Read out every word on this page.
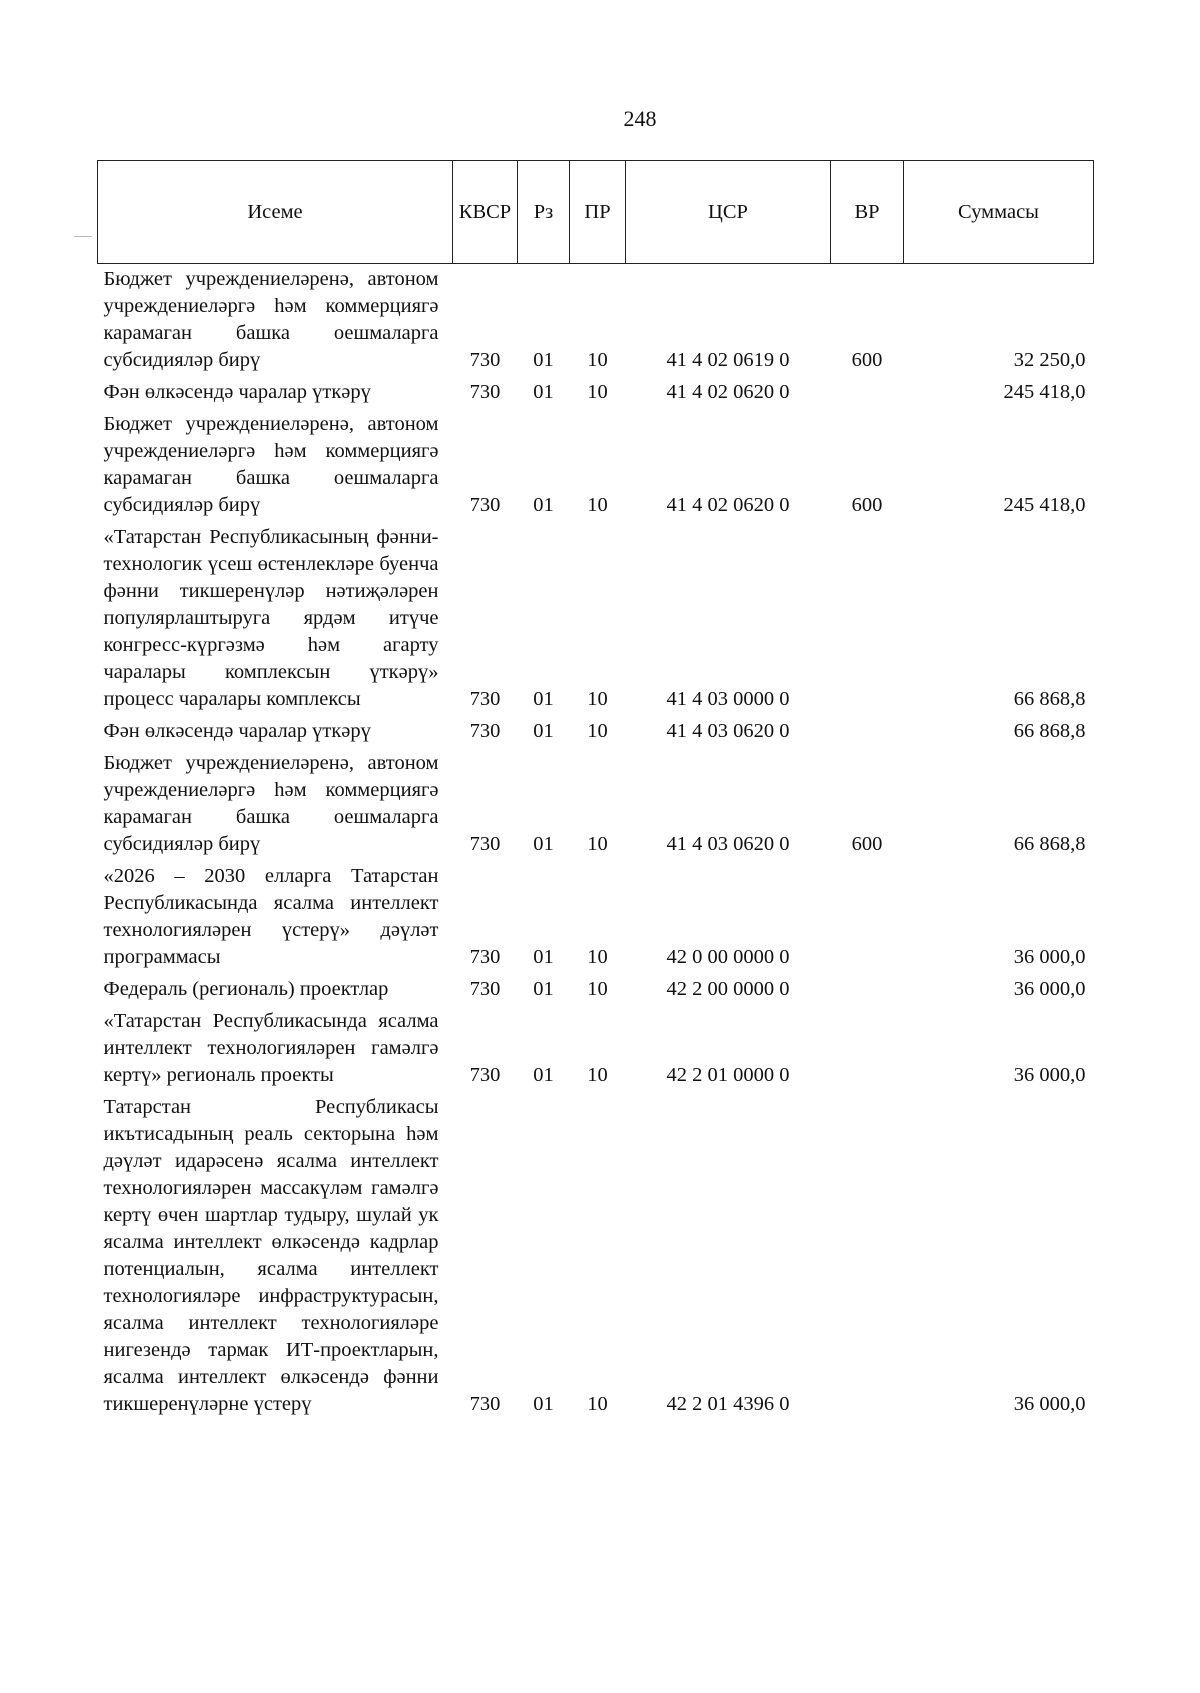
248
Исеме	КВСР	Рз	ПР	ЦСР	ВР	Суммасы
Бюджет учреждениеләренә, автоном учреждениеләргә һәм коммерциягә карамаган башка оешмаларга субсидияләр бирү	730	01	10	41 4 02 0619 0	600	32 250,0
Фән өлкәсендә чаралар үткәрү	730	01	10	41 4 02 0620 0		245 418,0
Бюджет учреждениеләренә, автоном учреждениеләргә һәм коммерциягә карамаган башка оешмаларга субсидияләр бирү	730	01	10	41 4 02 0620 0	600	245 418,0
«Татарстан Республикасының фәнни-технологик үсеш өстенлекләре буенча фәнни тикшеренүләр нәтиҗәләрен популярлаштыруга ярдәм итүче конгресс-күргәзмә һәм агарту чаралары комплексын үткәрү» процесс чаралары комплексы	730	01	10	41 4 03 0000 0		66 868,8
Фән өлкәсендә чаралар үткәрү	730	01	10	41 4 03 0620 0		66 868,8
Бюджет учреждениеләренә, автоном учреждениеләргә һәм коммерциягә карамаган башка оешмаларга субсидияләр бирү	730	01	10	41 4 03 0620 0	600	66 868,8
«2026 – 2030 елларга Татарстан Республикасында ясалма интеллект технологияләрен үстерү» дәүләт программасы	730	01	10	42 0 00 0000 0		36 000,0
Федераль (региональ) проектлар	730	01	10	42 2 00 0000 0		36 000,0
«Татарстан Республикасында ясалма интеллект технологияләрен гамәлгә кертү» региональ проекты	730	01	10	42 2 01 0000 0		36 000,0
Татарстан Республикасы икътисадының реаль секторына һәм дәүләт идарәсенә ясалма интеллект технологияләрен массакүләм гамәлгә кертү өчен шартлар тудыру, шулай ук ясалма интеллект өлкәсендә кадрлар потенциалын, ясалма интеллект технологияләре инфраструктурасын, ясалма интеллект технологияләре нигезендә тармак ИТ-проектларын, ясалма интеллект өлкәсендә фәнни тикшеренүләрне үстерү	730	01	10	42 2 01 4396 0		36 000,0
